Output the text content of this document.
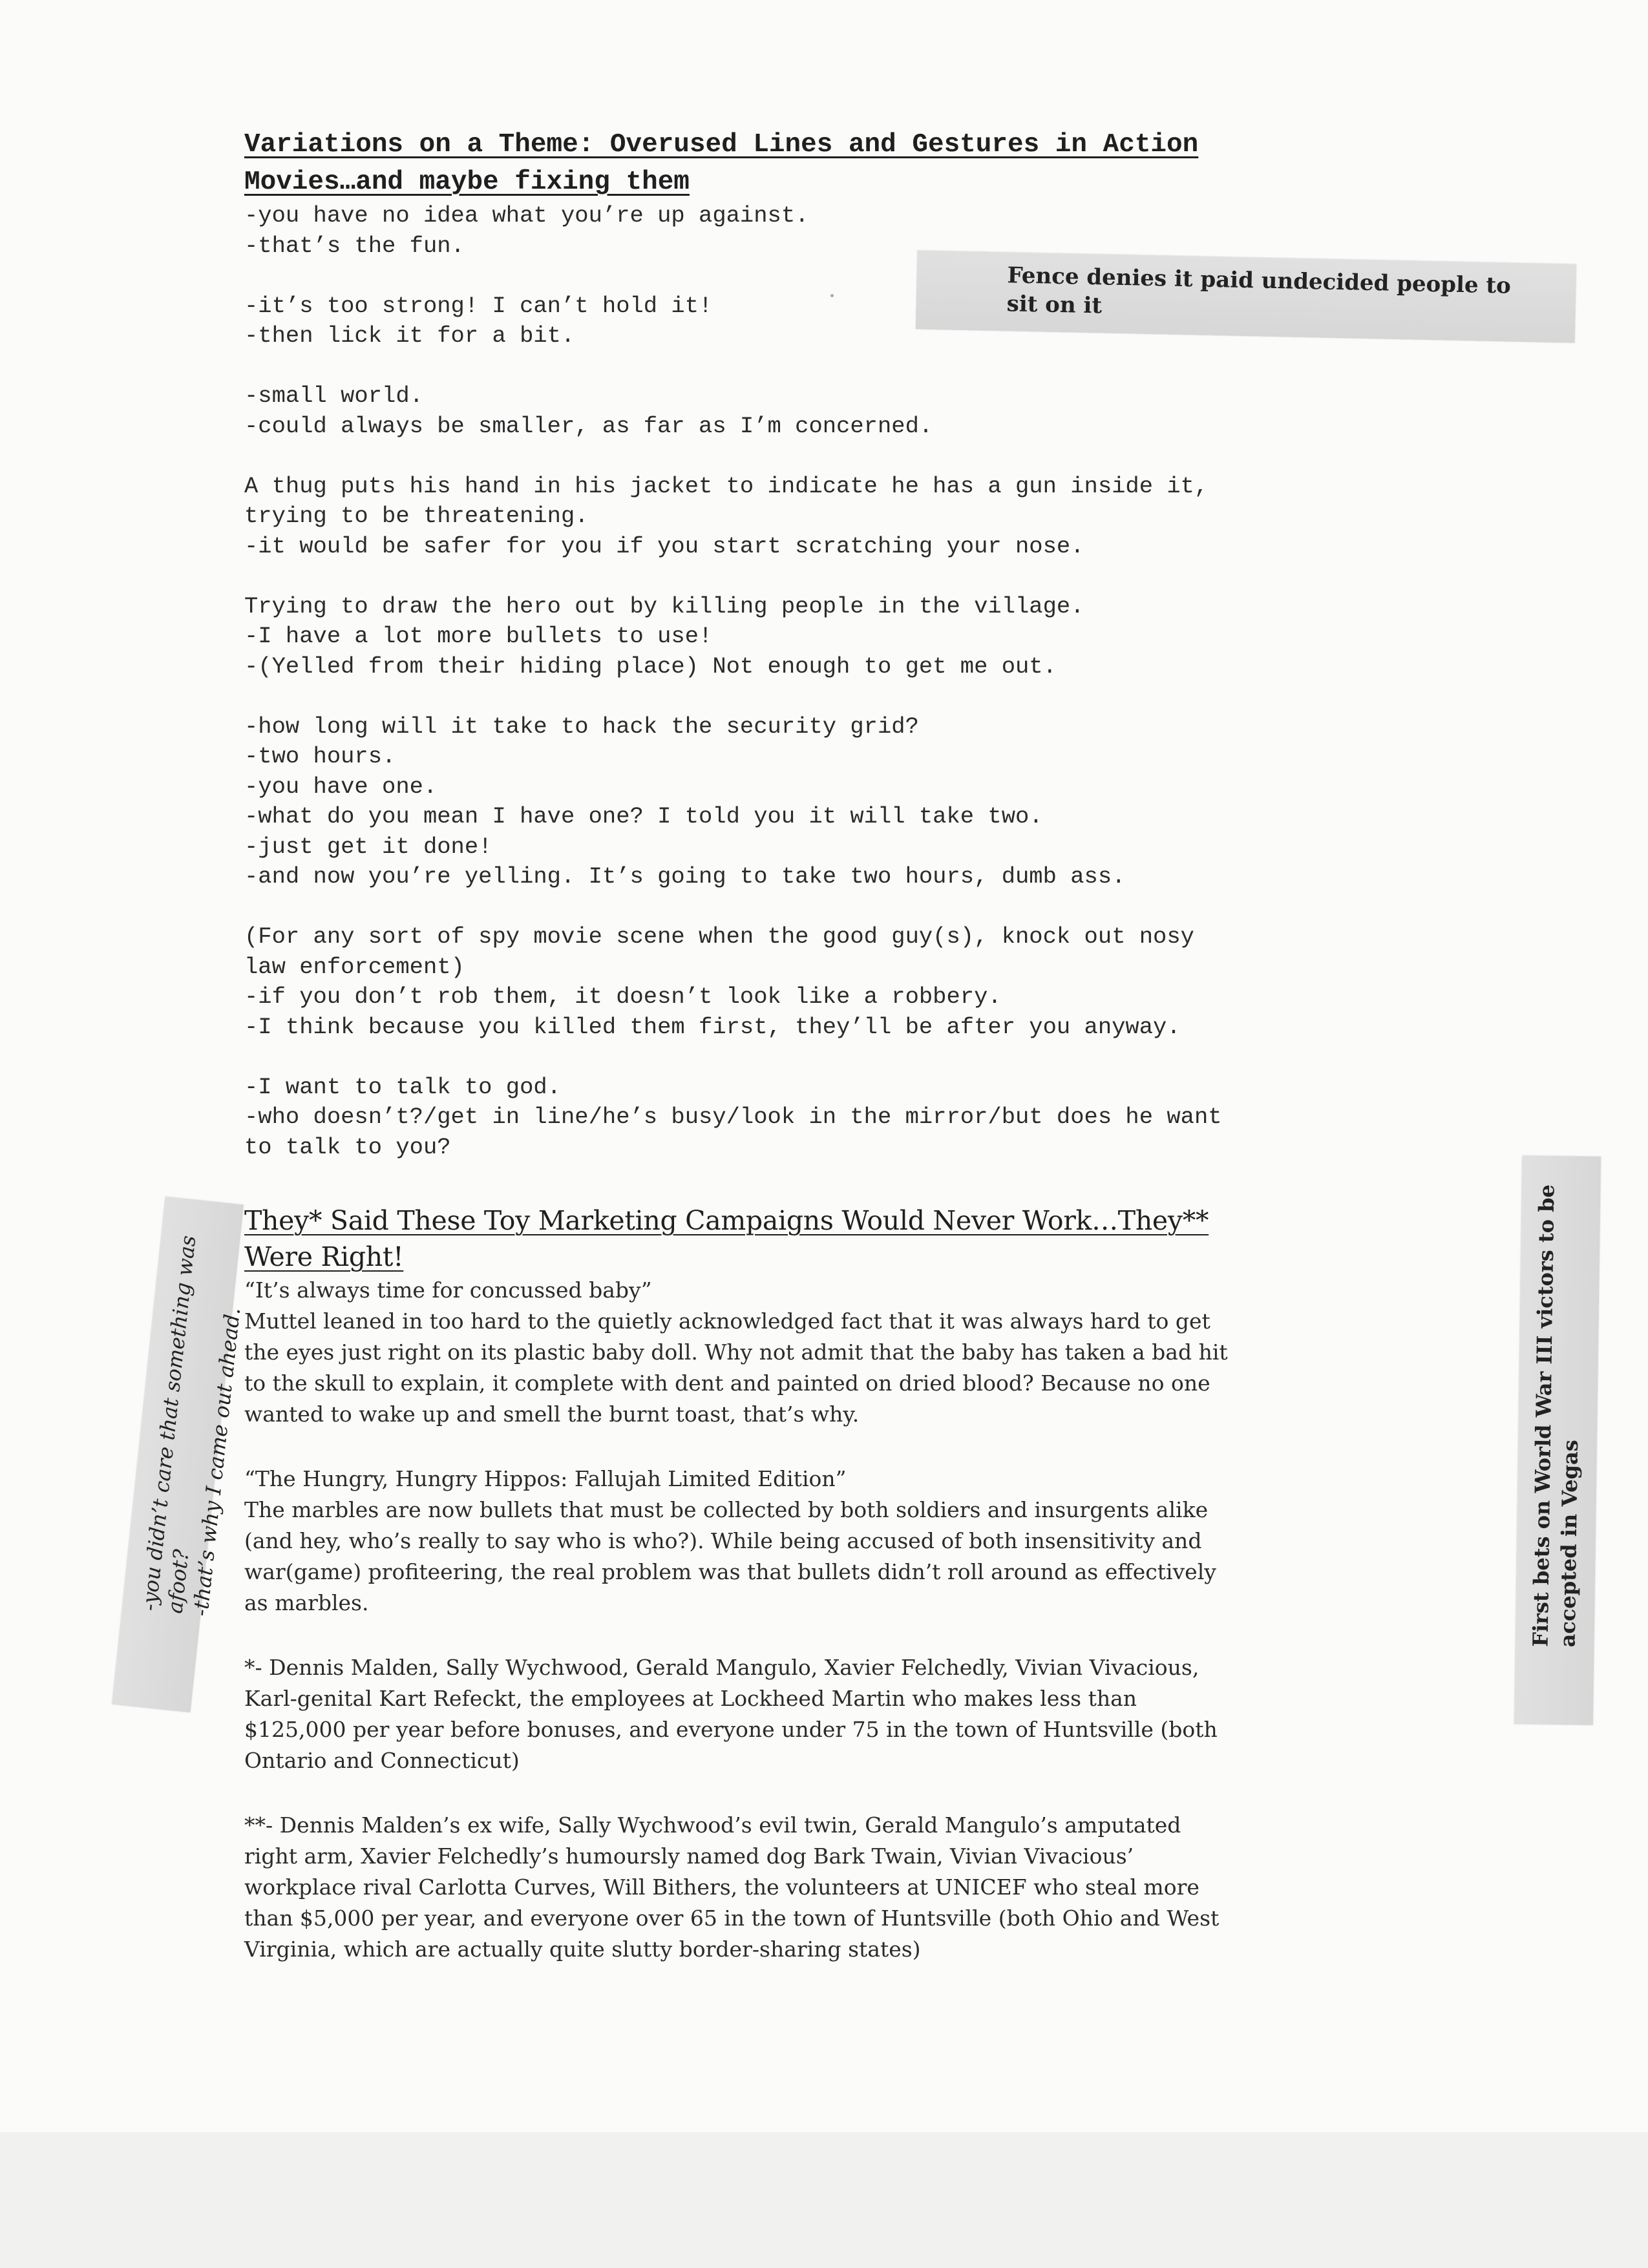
Variations on a Theme: Overused Lines and Gestures in Action

Movies…and maybe fixing them

-you have no idea what you’re up against.

-that’s the fun.

-it’s too strong! I can’t hold it!

-then lick it for a bit.

-small world.

-could always be smaller, as far as I’m concerned.

A thug puts his hand in his jacket to indicate he has a gun inside it,

trying to be threatening.

-it would be safer for you if you start scratching your nose.

Trying to draw the hero out by killing people in the village.

-I have a lot more bullets to use!

-(Yelled from their hiding place) Not enough to get me out.

-how long will it take to hack the security grid?

-two hours.

-you have one.

-what do you mean I have one? I told you it will take two.

-just get it done!

-and now you’re yelling. It’s going to take two hours, dumb ass.

(For any sort of spy movie scene when the good guy(s), knock out nosy

law enforcement)

-if you don’t rob them, it doesn’t look like a robbery.

-I think because you killed them first, they’ll be after you anyway.

-I want to talk to god.

-who doesn’t?/get in line/he’s busy/look in the mirror/but does he want

to talk to you?

They* Said These Toy Marketing Campaigns Would Never Work…They**

Were Right!

“It’s always time for concussed baby”

Muttel leaned in too hard to the quietly acknowledged fact that it was always hard to get

the eyes just right on its plastic baby doll. Why not admit that the baby has taken a bad hit

to the skull to explain, it complete with dent and painted on dried blood? Because no one

wanted to wake up and smell the burnt toast, that’s why.

“The Hungry, Hungry Hippos: Fallujah Limited Edition”

The marbles are now bullets that must be collected by both soldiers and insurgents alike

(and hey, who’s really to say who is who?). While being accused of both insensitivity and

war(game) profiteering, the real problem was that bullets didn’t roll around as effectively

as marbles.

*- Dennis Malden, Sally Wychwood, Gerald Mangulo, Xavier Felchedly, Vivian Vivacious,

Karl-genital Kart Refeckt, the employees at Lockheed Martin who makes less than

$125,000 per year before bonuses, and everyone under 75 in the town of Huntsville (both

Ontario and Connecticut)

**- Dennis Malden’s ex wife, Sally Wychwood’s evil twin, Gerald Mangulo’s amputated

right arm, Xavier Felchedly’s humoursly named dog Bark Twain, Vivian Vivacious’

workplace rival Carlotta Curves, Will Bithers, the volunteers at UNICEF who steal more

than $5,000 per year, and everyone over 65 in the town of Huntsville (both Ohio and West

Virginia, which are actually quite slutty border-sharing states)

Fence denies it paid undecided people to
sit on it
-you didn’t care that something was afoot?
-that’s why I came out ahead.	First bets on World War III victors to be
accepted in Vegas
